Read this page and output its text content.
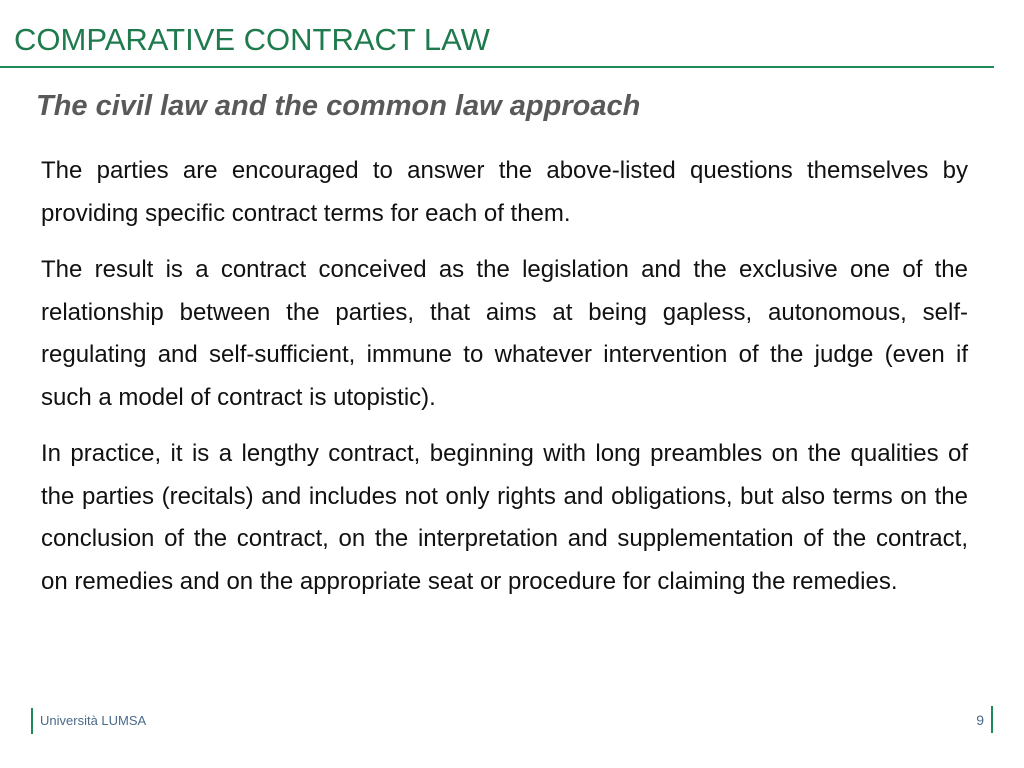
COMPARATIVE CONTRACT LAW
The civil law and the common law approach

The parties are encouraged to answer the above-listed questions themselves by providing specific contract terms for each of them.

The result is a contract conceived as the legislation and the exclusive one of the relationship between the parties, that aims at being gapless, autonomous, self-regulating and self-sufficient, immune to whatever intervention of the judge (even if such a model of contract is utopistic).

In practice, it is a lengthy contract, beginning with long preambles on the qualities of the parties (recitals) and includes not only rights and obligations, but also terms on the conclusion of the contract, on the interpretation and supplementation of the contract, on remedies and on the appropriate seat or procedure for claiming the remedies.

Università LUMSA	9
